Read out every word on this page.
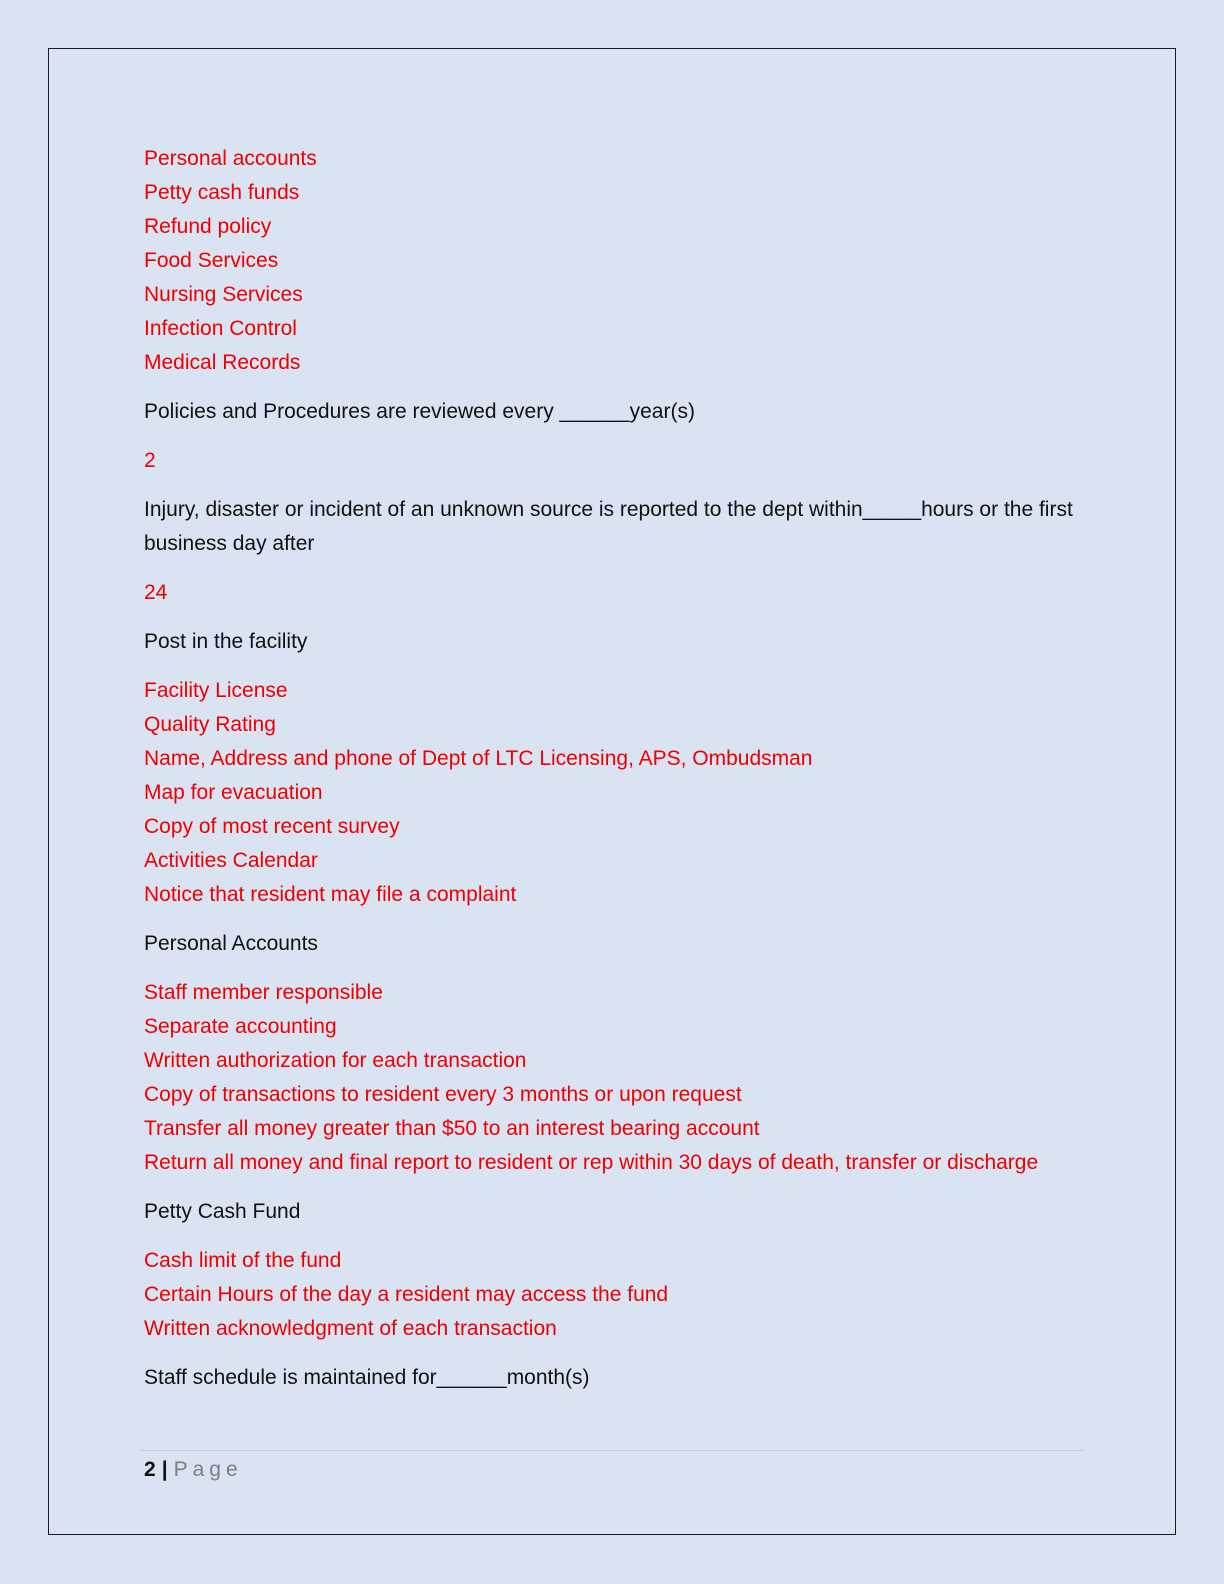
Personal accounts
Petty cash funds
Refund policy
Food Services
Nursing Services
Infection Control
Medical Records

Policies and Procedures are reviewed every ______year(s)

2

Injury, disaster or incident of an unknown source is reported to the dept within_____hours or the first business day after

24

Post in the facility

Facility License
Quality Rating
Name, Address and phone of Dept of LTC Licensing, APS, Ombudsman
Map for evacuation
Copy of most recent survey
Activities Calendar
Notice that resident may file a complaint

Personal Accounts

Staff member responsible
Separate accounting
Written authorization for each transaction
Copy of transactions to resident every 3 months or upon request
Transfer all money greater than $50 to an interest bearing account
Return all money and final report to resident or rep within 30 days of death, transfer or discharge

Petty Cash Fund

Cash limit of the fund
Certain Hours of the day a resident may access the fund
Written acknowledgment of each transaction

Staff schedule is maintained for______month(s)

2 | Page
